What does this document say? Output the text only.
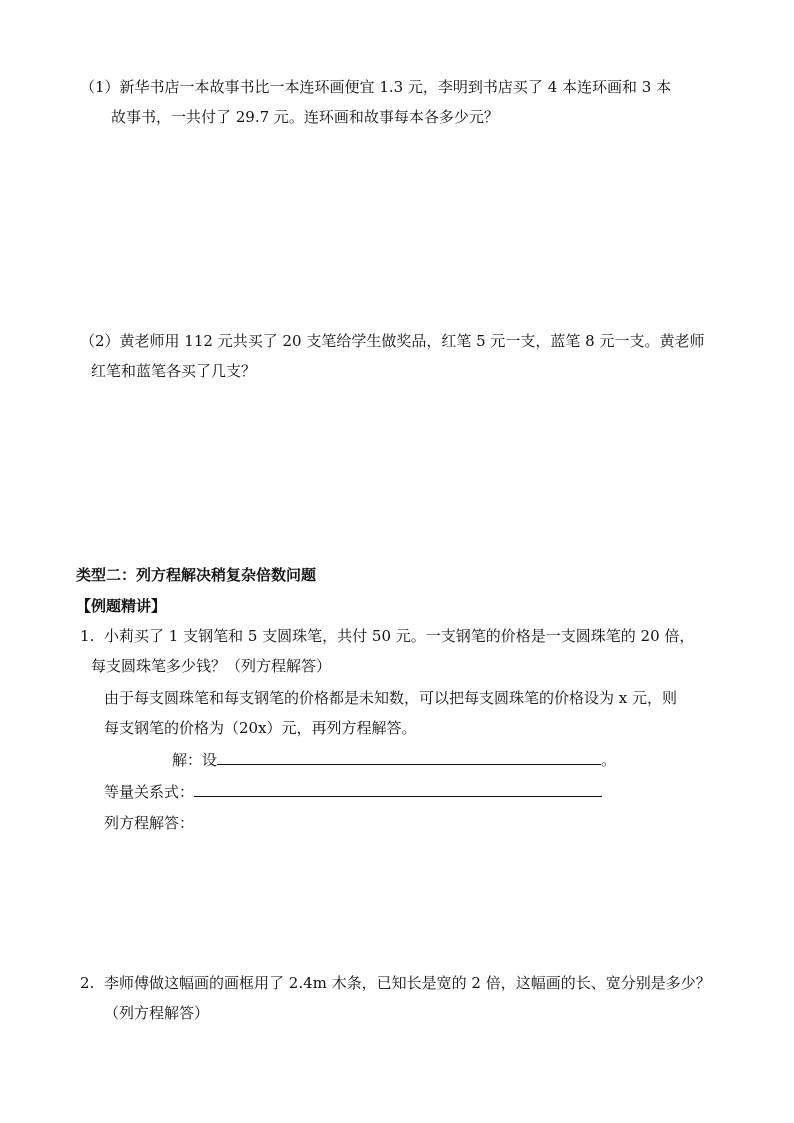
（1）新华书店一本故事书比一本连环画便宜 1.3 元，李明到书店买了 4 本连环画和 3 本
故事书，一共付了 29.7 元。连环画和故事每本各多少元？
（2）黄老师用 112 元共买了 20 支笔给学生做奖品，红笔 5 元一支，蓝笔 8 元一支。黄老师
红笔和蓝笔各买了几支？
类型二：列方程解决稍复杂倍数问题
【例题精讲】
1. 小莉买了 1 支钢笔和 5 支圆珠笔，共付 50 元。一支钢笔的价格是一支圆珠笔的 20 倍，
每支圆珠笔多少钱？（列方程解答）
由于每支圆珠笔和每支钢笔的价格都是未知数，可以把每支圆珠笔的价格设为 x 元，则
每支钢笔的价格为（20x）元，再列方程解答。
解：设	。
等量关系式：
列方程解答：
2. 李师傅做这幅画的画框用了 2.4m 木条，已知长是宽的 2 倍，这幅画的长、宽分别是多少？
（列方程解答）
